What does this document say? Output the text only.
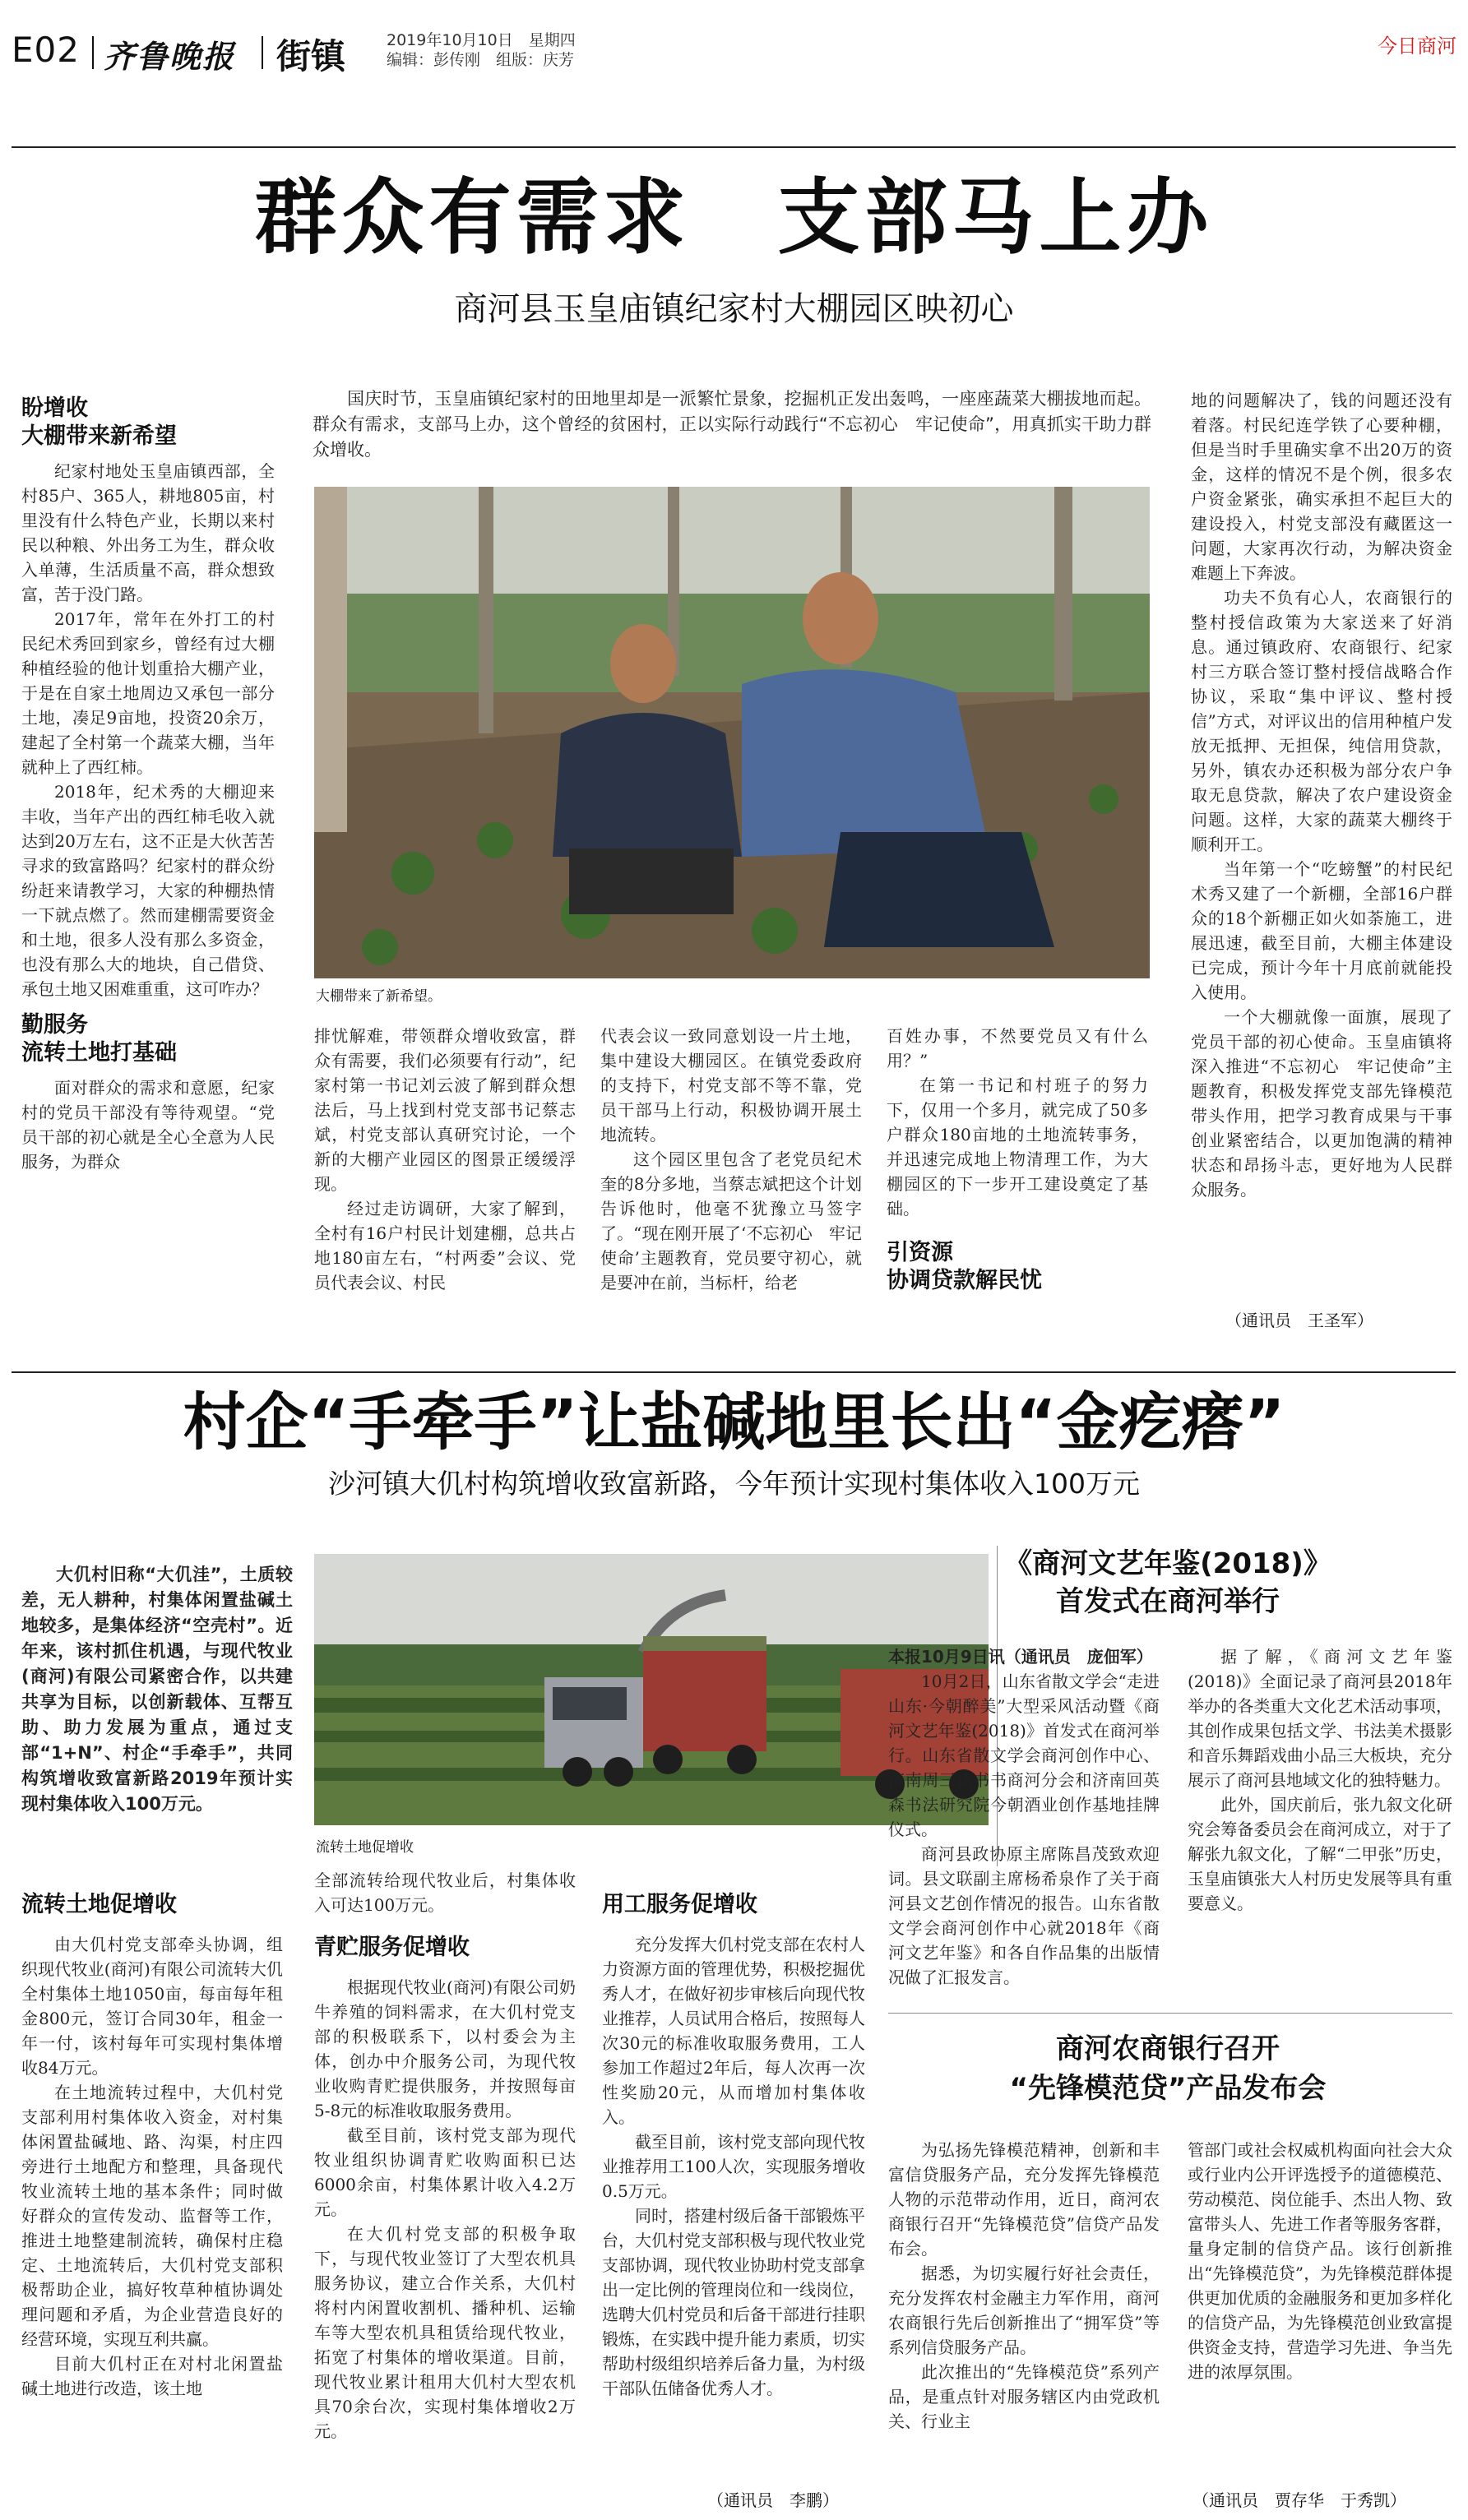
E02 齐鲁晚报 街镇	2019年10月10日　星期四
编辑：彭传刚　组版：庆芳
今日商河
群众有需求　支部马上办
商河县玉皇庙镇纪家村大棚园区映初心
盼增收
大棚带来新希望

纪家村地处玉皇庙镇西部，全村85户、365人，耕地805亩，村里没有什么特色产业，长期以来村民以种粮、外出务工为生，群众收入单薄，生活质量不高，群众想致富，苦于没门路。

2017年，常年在外打工的村民纪术秀回到家乡，曾经有过大棚种植经验的他计划重拾大棚产业，于是在自家土地周边又承包一部分土地，凑足9亩地，投资20余万，建起了全村第一个蔬菜大棚，当年就种上了西红柿。

2018年，纪术秀的大棚迎来丰收，当年产出的西红柿毛收入就达到20万左右，这不正是大伙苦苦寻求的致富路吗？纪家村的群众纷纷赶来请教学习，大家的种棚热情一下就点燃了。然而建棚需要资金和土地，很多人没有那么多资金，也没有那么大的地块，自己借贷、承包土地又困难重重，这可咋办？

勤服务
流转土地打基础

面对群众的需求和意愿，纪家村的党员干部没有等待观望。“党员干部的初心就是全心全意为人民服务，为群众

国庆时节，玉皇庙镇纪家村的田地里却是一派繁忙景象，挖掘机正发出轰鸣，一座座蔬菜大棚拔地而起。群众有需求，支部马上办，这个曾经的贫困村，正以实际行动践行“不忘初心　牢记使命”，用真抓实干助力群众增收。

大棚带来了新希望。

排忧解难，带领群众增收致富，群众有需要，我们必须要有行动”，纪家村第一书记刘云波了解到群众想法后，马上找到村党支部书记蔡志斌，村党支部认真研究讨论，一个新的大棚产业园区的图景正缓缓浮现。

经过走访调研，大家了解到，全村有16户村民计划建棚，总共占地180亩左右，“村两委”会议、党员代表会议、村民

代表会议一致同意划设一片土地，集中建设大棚园区。在镇党委政府的支持下，村党支部不等不靠，党员干部马上行动，积极协调开展土地流转。

这个园区里包含了老党员纪术奎的8分多地，当蔡志斌把这个计划告诉他时，他毫不犹豫立马签字了。“现在刚开展了‘不忘初心　牢记使命’主题教育，党员要守初心，就是要冲在前，当标杆，给老

百姓办事，不然要党员又有什么用？”

在第一书记和村班子的努力下，仅用一个多月，就完成了50多户群众180亩地的土地流转事务，并迅速完成地上物清理工作，为大棚园区的下一步开工建设奠定了基础。

引资源
协调贷款解民忧

地的问题解决了，钱的问题还没有着落。村民纪连学铁了心要种棚，但是当时手里确实拿不出20万的资金，这样的情况不是个例，很多农户资金紧张，确实承担不起巨大的建设投入，村党支部没有藏匿这一问题，大家再次行动，为解决资金难题上下奔波。

功夫不负有心人，农商银行的整村授信政策为大家送来了好消息。通过镇政府、农商银行、纪家村三方联合签订整村授信战略合作协议，采取“集中评议、整村授信”方式，对评议出的信用种植户发放无抵押、无担保，纯信用贷款，另外，镇农办还积极为部分农户争取无息贷款，解决了农户建设资金问题。这样，大家的蔬菜大棚终于顺利开工。

当年第一个“吃螃蟹”的村民纪术秀又建了一个新棚，全部16户群众的18个新棚正如火如荼施工，进展迅速，截至目前，大棚主体建设已完成，预计今年十月底前就能投入使用。

一个大棚就像一面旗，展现了党员干部的初心使命。玉皇庙镇将深入推进“不忘初心　牢记使命”主题教育，积极发挥党支部先锋模范带头作用，把学习教育成果与干事创业紧密结合，以更加饱满的精神状态和昂扬斗志，更好地为人民群众服务。

（通讯员　王圣军）
村企“手牵手”让盐碱地里长出“金疙瘩”
沙河镇大仉村构筑增收致富新路，今年预计实现村集体收入100万元

大仉村旧称“大仉洼”，土质较差，无人耕种，村集体闲置盐碱土地较多，是集体经济“空壳村”。近年来，该村抓住机遇，与现代牧业(商河)有限公司紧密合作，以共建共享为目标，以创新载体、互帮互助、助力发展为重点，通过支部“1+N”、村企“手牵手”，共同构筑增收致富新路2019年预计实现村集体收入100万元。

流转土地促增收
流转土地促增收

由大仉村党支部牵头协调，组织现代牧业(商河)有限公司流转大仉全村集体土地1050亩，每亩每年租金800元，签订合同30年，租金一年一付，该村每年可实现村集体增收84万元。

在土地流转过程中，大仉村党支部利用村集体收入资金，对村集体闲置盐碱地、路、沟渠，村庄四旁进行土地配方和整理，具备现代牧业流转土地的基本条件；同时做好群众的宣传发动、监督等工作，推进土地整建制流转，确保村庄稳定、土地流转后，大仉村党支部积极帮助企业，搞好牧草种植协调处理问题和矛盾，为企业营造良好的经营环境，实现互利共赢。

目前大仉村正在对村北闲置盐碱土地进行改造，该土地

全部流转给现代牧业后，村集体收入可达100万元。

青贮服务促增收

根据现代牧业(商河)有限公司奶牛养殖的饲料需求，在大仉村党支部的积极联系下，以村委会为主体，创办中介服务公司，为现代牧业收购青贮提供服务，并按照每亩5-8元的标准收取服务费用。

截至目前，该村党支部为现代牧业组织协调青贮收购面积已达6000余亩，村集体累计收入4.2万元。

在大仉村党支部的积极争取下，与现代牧业签订了大型农机具服务协议，建立合作关系，大仉村将村内闲置收割机、播种机、运输车等大型农机具租赁给现代牧业，拓宽了村集体的增收渠道。目前，现代牧业累计租用大仉村大型农机具70余台次，实现村集体增收2万元。

用工服务促增收

充分发挥大仉村党支部在农村人力资源方面的管理优势，积极挖掘优秀人才，在做好初步审核后向现代牧业推荐，人员试用合格后，按照每人次30元的标准收取服务费用，工人参加工作超过2年后，每人次再一次性奖励20元，从而增加村集体收入。

截至目前，该村党支部向现代牧业推荐用工100人次，实现服务增收0.5万元。

同时，搭建村级后备干部锻炼平台，大仉村党支部积极与现代牧业党支部协调，现代牧业协助村党支部拿出一定比例的管理岗位和一线岗位，选聘大仉村党员和后备干部进行挂职锻炼，在实践中提升能力素质，切实帮助村级组织培养后备力量，为村级干部队伍储备优秀人才。

（通讯员　李鹏）
《商河文艺年鉴(2018)》
首发式在商河举行

本报10月9日讯（通讯员　庞佃军）

10月2日，山东省散文学会“走进山东·今朝醉美”大型采风活动暨《商河文艺年鉴(2018)》首发式在商河举行。山东省散文学会商河创作中心、济南周三读书书商河分会和济南回英森书法研究院今朝酒业创作基地挂牌仪式。

商河县政协原主席陈昌茂致欢迎词。县文联副主席杨希泉作了关于商河县文艺创作情况的报告。山东省散文学会商河创作中心就2018年《商河文艺年鉴》和各自作品集的出版情况做了汇报发言。

据了解，《商河文艺年鉴(2018)》全面记录了商河县2018年举办的各类重大文化艺术活动事项，其创作成果包括文学、书法美术摄影和音乐舞蹈戏曲小品三大板块，充分展示了商河县地域文化的独特魅力。

此外，国庆前后，张九叙文化研究会筹备委员会在商河成立，对于了解张九叙文化，了解“二甲张”历史，玉皇庙镇张大人村历史发展等具有重要意义。

商河农商银行召开
“先锋模范贷”产品发布会

为弘扬先锋模范精神，创新和丰富信贷服务产品，充分发挥先锋模范人物的示范带动作用，近日，商河农商银行召开“先锋模范贷”信贷产品发布会。

据悉，为切实履行好社会责任，充分发挥农村金融主力军作用，商河农商银行先后创新推出了“拥军贷”等系列信贷服务产品。

此次推出的“先锋模范贷”系列产品，是重点针对服务辖区内由党政机关、行业主

管部门或社会权威机构面向社会大众或行业内公开评选授予的道德模范、劳动模范、岗位能手、杰出人物、致富带头人、先进工作者等服务客群，量身定制的信贷产品。该行创新推出“先锋模范贷”，为先锋模范群体提供更加优质的金融服务和更加多样化的信贷产品，为先锋模范创业致富提供资金支持，营造学习先进、争当先进的浓厚氛围。

（通讯员　贾存华　于秀凯）
